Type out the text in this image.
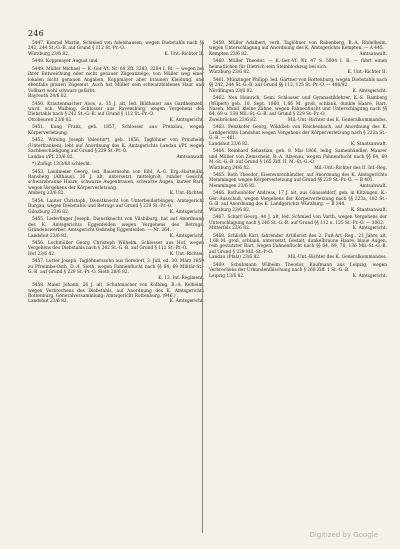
246
5447. Konrad Martin, Schmied von Adelshausen, wegen Diebstahls nach §§ 242, 244 St.-G.-B. auf Grund § 112 St.-Pr.-O.
Würzburg 23/6 82.	K. Unt.-Richter II.
5448. Koppmayer August und
5449. Müller Michael — K.-Ger.-Vf. Nr. 69 Zff. 3283, 3284 I. Bl. — wegen bei ihrer Entweichung oder nicht genauer Zügeanzeige, von Müller weg einer lokalen nicht genauen Angaben, Koppmayer aber braunen Kleidung, und ebenfalls grauen Zügemut. Auch hat Müller sein schwarzbildenes Haar und Vollbart wohl schwarz gefärbt.
Bayreuth 24/6 82.
5450. Krautenmacher Alois, a. 35 J. alt, led. Bildhauer aus Gardheinzell, wurd. sch. Walbing. Schlosser aus Ravensburg, wegen Vergehens des Diebstahls nach § 242 St.-G.-B. auf Grund § 112 St.-Pr.-O.
Ottobeuren 23/6 82.	K. Amtsgericht.
5451. Kung Franz, geb. 1857, Schlosser aus Prenzlau, wegen Körperverletzung.
5452. Wirsing Joseph Valentin*), geb. 1856, Taglöhner von Prinzheim (Unterfranken), lebt auf Anordnung des K. Amtsgerichts Landau i/Pf. wegen Sachbeschädigung auf Grund § 229 St.-Pr.-O.
Landau i/Pf. 23/6 82.	Amtsanwalt.
*) Zufügt 13/3/68 schlecht.
5453. Landmeier Georg, led. Bauernsohn von Eibl, A.-G. Erg.-Hartmühl, Ransberg (Althaus), 26 J. alt, untersetzt, mittelgroß, runder Gesicht, schwarzbraune Haare, schwarze Augenbrauen, schwarze Augen, kurzer Bart, wegen Vergehens der Körperverletzung.
Amberg 23/6 82.	K. Unt.-Richter.
5454. Lauter Christoph, Dienstknecht von Unterbeiderbingen, Amtsgericht Burgau, wegen Diebstahls und Betrugs auf Grund § 229 St.-Pr.-O.
Günzburg 23/6 82.	K. Amtsgericht.
5455. Lederfinger Joseph, Dienstknecht von Vilsbiburg, hat auf Anordnung des K. Amtsgerichts Eggenfelden wegen Vergehens des Betrugs. Gründenswerber, Amtsgericht Geßnsbg Eggenfelden. — Nr. 264.
Landshut 23/6 82.	K. Amtsgericht.
5456. Lochmüller Georg Christoph Wilhelm, Schlosser aus Hof, wegen Vergehens des Diebstahls nach § 242 St.-G.-B. auf Grund § 112 St.-Pr.-O.
Hof 23/6 82.	K. Unt.-Richter.
5457. Lutter Joseph, Taglöhnerssohn aus Gersdorf, 3. Juli, ed. 30. März 1859 zu Pfreimbe-Osth, D.-A. Sieth, wegen Fahnenflucht nach §§ 64, 69 Militär-St.-G.-B. auf Grund § 229 St.-Pr.-O. Sieth 28/6 82.
K. 12. Inf.-Regiment.
5458. Maier Johann, 26 J. alt, Schuhmacher von Kolbing, B.-A. Kelheim, wegen Verbrechens des Diebstahls, auf Anordnung des K. Amtsgerichts Rottenburg. Generalversammlung: Amtsgericht Rottenburg. (946.)
Landshut 23/6 82.	K. Amtsgericht.
5459. Müller Adalbert, verh. Taglöhner von Rabenberg, B.-A. Rhdelheim, wegen Unterschlagung auf Anordnung des K. Amtsgerichts Kempten. — A 445.
Kempten 23/6 82.	Amtsanwalt.
5460. Müller Theodor. — K.-Ger.-Vf. Nr. 47 S. 5004 I. B. — führt einen heimatlichen für Dietrich sein Steinblockzug bei sich.
Würzburg 23/6 82.	K. Unt.-Richter II.
5461. Münzinger Philipp, led. Gärtner von Rottenburg, wegen Diebstahls nach §§ 242, 244 St.-G.-B. auf Grund §§ 112, 125 St.-Pr.-O. — 486/82.
Nördlingen 23/6 82.	K. Amtsgericht.
5462. Neu Heinrich, Gem. Schlosser und Gymnastiklehrer, K.-S. Bamberg (Wilpert) geb. 10. Sept. 1860, 1,66 M. groß, schlank, dunkle Haare, Bart, Nasen, Mund, kleine Zähne, wegen Fahnenflucht und Unterschlagung nach §§ 64, 69 u. 138 Mil.-St.-G.-B. auf Grund § 229 St.-Pr.-O.
Zweibrücken 23/6 82.	Mil.-Unt.-Richter des K. Generalkommandos.
5463. Penzkofer Georg, Wilddieb von Reichenbach, auf Anordnung des K. Landgerichts Landshut wegen Vergehens der Körperverletzung nach § 223a St.-G.-B. — 461.
Landshut 23/6 82.	K. Staatsanwalt.
5464. Reinhard Sebastian, geb. 8. Mai 1866, ledig, Samenhändler, Maurer und Müller von Zemscheid, B.-A. Alzenau, wegen Fahnenflucht nach §§ 64, 69 M.-St.-G.-B. auf Grund § 165 Ziff. II. M.-St.-G.-O.
Würzburg 24/6 82.	Mil.-Unt.-Richter des II. Inf.-Reg.
5465. Roth Theodor, Eisenwarenhändler, auf Anordnung des K. Amtsgerichts Memmingen wegen Körperverletzung auf Grund §§ 229 St.-Pr.-O. — B 401.
Memmingen 23/6 82.	Amtsanwalt.
5466. Rothenhöfer Andreas, 17 J. alt, aus Gänsseldorf, geb. in Kitzingen, K.-Ger.-Ausschuß, wegen Vergehens der Körperverletzung nach §§ 223a, 182 St.-G.-B. auf Anordnung des K. Landgerichts Würzburg. — B 344.
Würzburg 23/6 82.	K. Staatsanwalt.
5467. Scharf Georg, 44 J. alt, led. Schmied von Varth, wegen Vergehens der Unterschlagung nach § 246 St.-G.-B. auf Grund §§ 112 u. 125 St.-Pr.-O. — 3002.
Mitterfels 23/6 82.	K. Amtsgericht.
5468. Schlickh Karl, fahrender Artillerist des 2. Fuß-Art.-Reg., 21 Jahre alt, 1,68 M. groß, schlank, untersetzt, Gestalt, dunkelbraune Haare, blaue Augen, rein gestutzter Bart, wegen Fahnenflucht nach §§ 64, 69, 70, 136 Mil.-St.-G.-B. auf Grund § 229 Mil.-St.-P.-O.
Landau (Pfalz) 23/6 82.	Mil.-Unt.-Richter des K. Generalkommandos.
5469. Schuhmann Wilhelm Theodor, Kaufmann aus Leipzig, wegen Verbrechens der Urkundenfälschung nach § 268 Ziff. 1 St.-G.-B.
Leipzig 13/6 82.	K. Amtsgericht.
Digitized by Google
